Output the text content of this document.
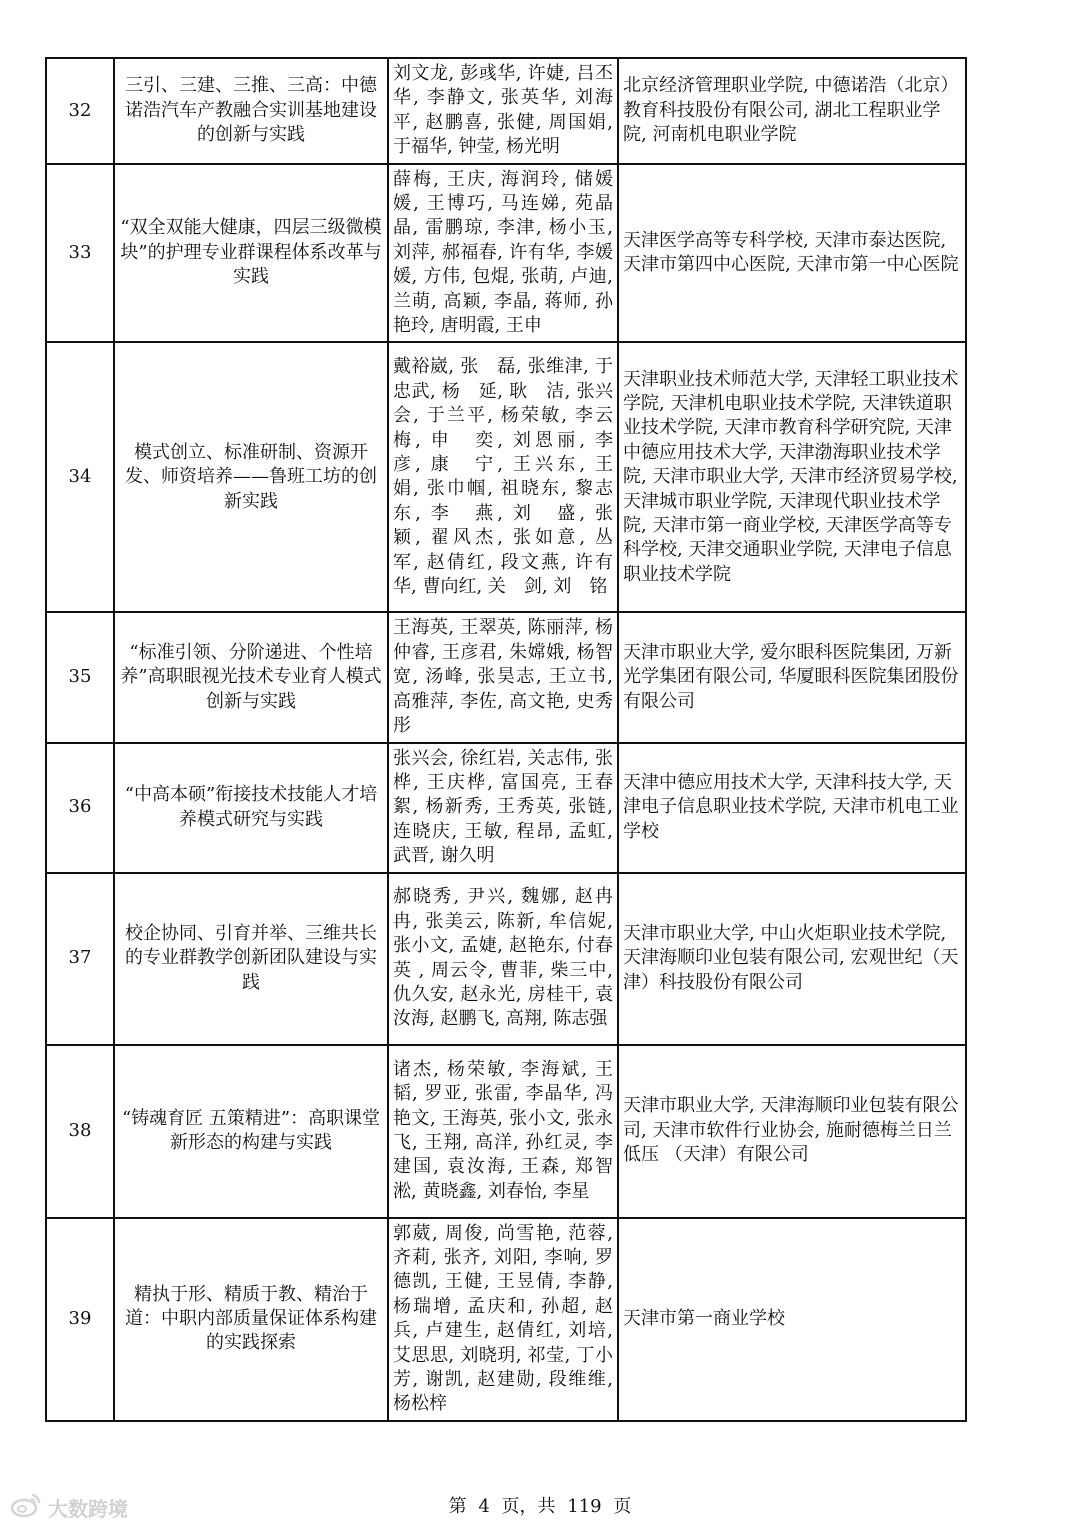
32	三引、三建、三推、三高：中德诺浩汽车产教融合实训基地建设的创新与实践	刘文龙, 彭彧华, 许婕, 吕丕华, 李静文, 张英华, 刘海平, 赵鹏喜, 张健, 周国娟, 于福华, 钟莹, 杨光明	北京经济管理职业学院, 中德诺浩（北京）教育科技股份有限公司, 湖北工程职业学院, 河南机电职业学院
33	“双全双能大健康，四层三级微模块”的护理专业群课程体系改革与实践	薛梅, 王庆, 海润玲, 储媛媛, 王博巧, 马连娣, 苑晶晶, 雷鹏琼, 李津, 杨小玉, 刘萍, 郝福春, 许有华, 李媛媛, 方伟, 包焜, 张萌, 卢迪, 兰萌, 高颖, 李晶, 蒋师, 孙艳玲, 唐明霞, 王申	天津医学高等专科学校, 天津市泰达医院, 天津市第四中心医院, 天津市第一中心医院
34	模式创立、标准研制、资源开发、师资培养——鲁班工坊的创新实践	戴裕崴, 张　磊, 张维津, 于忠武, 杨　延, 耿　洁, 张兴会, 于兰平, 杨荣敏, 李云梅, 申　奕, 刘恩丽, 李　彦, 康　宁, 王兴东, 王　娟, 张巾帼, 祖晓东, 黎志东, 李　燕, 刘　盛, 张　颖, 翟风杰, 张如意, 丛　军, 赵倩红, 段文燕, 许有华, 曹向红, 关　剑, 刘　铭	天津职业技术师范大学, 天津轻工职业技术学院, 天津机电职业技术学院, 天津铁道职业技术学院, 天津市教育科学研究院, 天津中德应用技术大学, 天津渤海职业技术学院, 天津市职业大学, 天津市经济贸易学校, 天津城市职业学院, 天津现代职业技术学院, 天津市第一商业学校, 天津医学高等专科学校, 天津交通职业学院, 天津电子信息职业技术学院
35	“标准引领、分阶递进、个性培养”高职眼视光技术专业育人模式创新与实践	王海英, 王翠英, 陈丽萍, 杨仲睿, 王彦君, 朱嫦娥, 杨智宽, 汤峰, 张昊志, 王立书, 高雅萍, 李佐, 高文艳, 史秀彤	天津市职业大学, 爱尔眼科医院集团, 万新光学集团有限公司, 华厦眼科医院集团股份有限公司
36	“中高本硕”衔接技术技能人才培养模式研究与实践	张兴会, 徐红岩, 关志伟, 张桦, 王庆桦, 富国亮, 王春絮, 杨新秀, 王秀英, 张链, 连晓庆, 王敏, 程昂, 孟虹, 武晋, 谢久明	天津中德应用技术大学, 天津科技大学, 天津电子信息职业技术学院, 天津市机电工业学校
37	校企协同、引育并举、三维共长的专业群教学创新团队建设与实践	郝晓秀, 尹兴, 魏娜, 赵冉冉, 张美云, 陈新, 牟信妮, 张小文, 孟婕, 赵艳东, 付春英 , 周云令, 曹菲, 柴三中, 仇久安, 赵永光, 房桂干, 袁汝海, 赵鹏飞, 高翔, 陈志强	天津市职业大学, 中山火炬职业技术学院, 天津海顺印业包装有限公司, 宏观世纪（天津）科技股份有限公司
38	“铸魂育匠 五策精进”：高职课堂新形态的构建与实践	诸杰, 杨荣敏, 李海斌, 王韬, 罗亚, 张雷, 李晶华, 冯艳文, 王海英, 张小文, 张永飞, 王翔, 高洋, 孙红灵, 李建国, 袁汝海, 王森, 郑智淞, 黄晓鑫, 刘春怡, 李星	天津市职业大学, 天津海顺印业包装有限公司, 天津市软件行业协会, 施耐德梅兰日兰低压 （天津）有限公司
39	精执于形、精质于教、精治于道：中职内部质量保证体系构建的实践探索	郭葳, 周俊, 尚雪艳, 范蓉, 齐莉, 张齐, 刘阳, 李响, 罗德凯, 王健, 王昱倩, 李静, 杨瑞增, 孟庆和, 孙超, 赵兵, 卢建生, 赵倩红, 刘培, 艾思思, 刘晓玥, 祁莹, 丁小芳, 谢凯, 赵建勋, 段维维, 杨松梓	天津市第一商业学校
大数跨境	第 4 页，共 119 页
